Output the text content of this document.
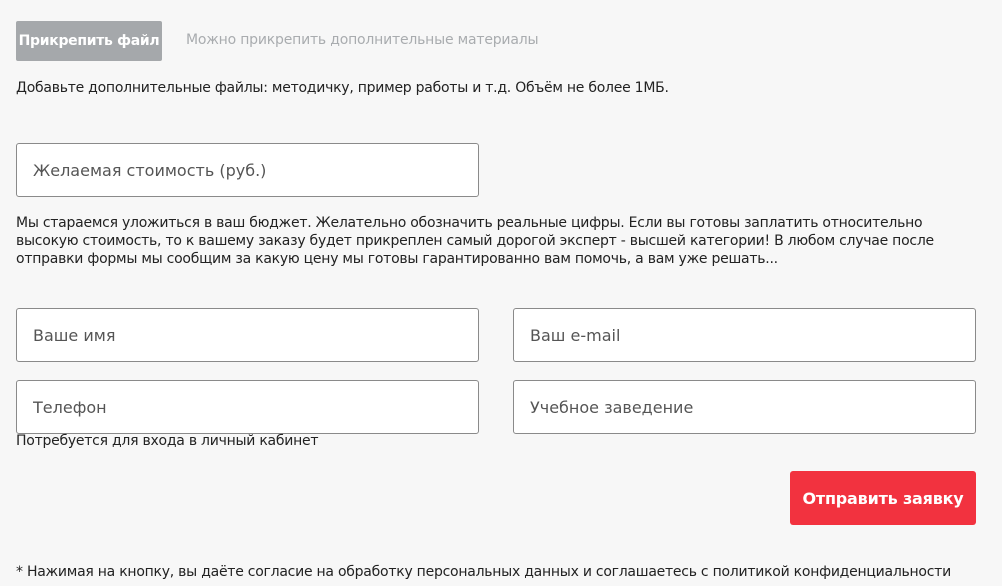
Прикрепить файл Можно прикрепить дополнительные материалы
Добавьте дополнительные файлы: методичку, пример работы и т.д. Объём не более 1МБ.
Желаемая стоимость (руб.)
Мы стараемся уложиться в ваш бюджет. Желательно обозначить реальные цифры. Если вы готовы заплатить относительно высокую стоимость, то к вашему заказу будет прикреплен самый дорогой эксперт - высшей категории! В любом случае после отправки формы мы сообщим за какую цену мы готовы гарантированно вам помочь, а вам уже решать...
Ваше имя
Ваш e-mail
Телефон
Учебное заведение
Потребуется для входа в личный кабинет
Отправить заявку
* Нажимая на кнопку, вы даёте согласие на обработку персональных данных и соглашаетесь с политикой конфиденциальности
